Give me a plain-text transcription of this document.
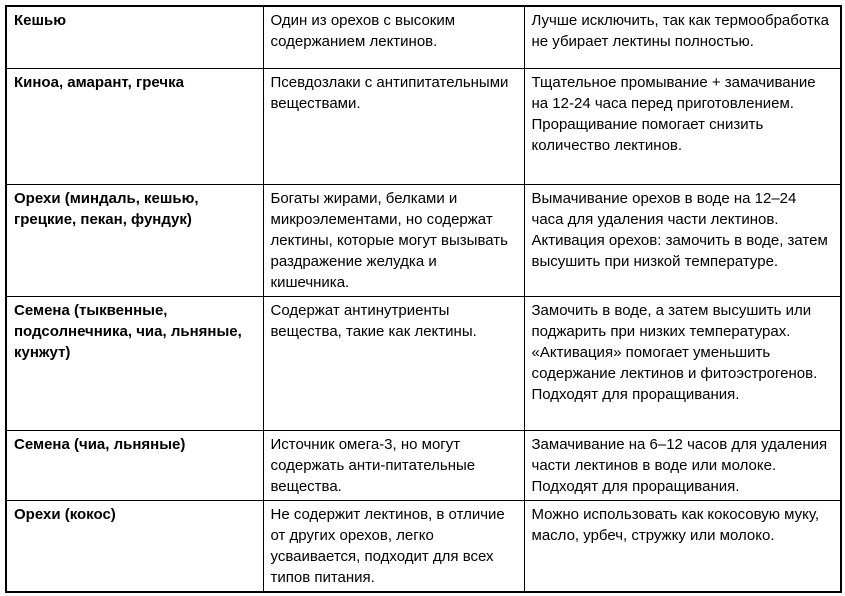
Кешью	Один из орехов с высоким содержанием лектинов.	Лучше исключить, так как термообработка не убирает лектины полностью.
Киноа, амарант, гречка	Псевдозлаки с антипитательными веществами.	Тщательное промывание + замачивание на 12-24 часа перед приготовлением. Проращивание помогает снизить количество лектинов.
Орехи (миндаль, кешью, грецкие, пекан, фундук)	Богаты жирами, белками и микроэлементами, но содержат лектины, которые могут вызывать раздражение желудка и кишечника.	Вымачивание орехов в воде на 12–24 часа для удаления части лектинов. Активация орехов: замочить в воде, затем высушить при низкой температуре.
Семена (тыквенные, подсолнечника, чиа, льняные, кунжут)	Содержат антинутриенты вещества, такие как лектины.	Замочить в воде, а затем высушить или поджарить при низких температурах. «Активация» помогает уменьшить содержание лектинов и фитоэстрогенов. Подходят для проращивания.
Семена (чиа, льняные)	Источник омега-3, но могут содержать анти-питательные вещества.	Замачивание на 6–12 часов для удаления части лектинов в воде или молоке. Подходят для проращивания.
Орехи (кокос)	Не содержит лектинов, в отличие от других орехов, легко усваивается, подходит для всех типов питания.	Можно использовать как кокосовую муку, масло, урбеч, стружку или молоко.
